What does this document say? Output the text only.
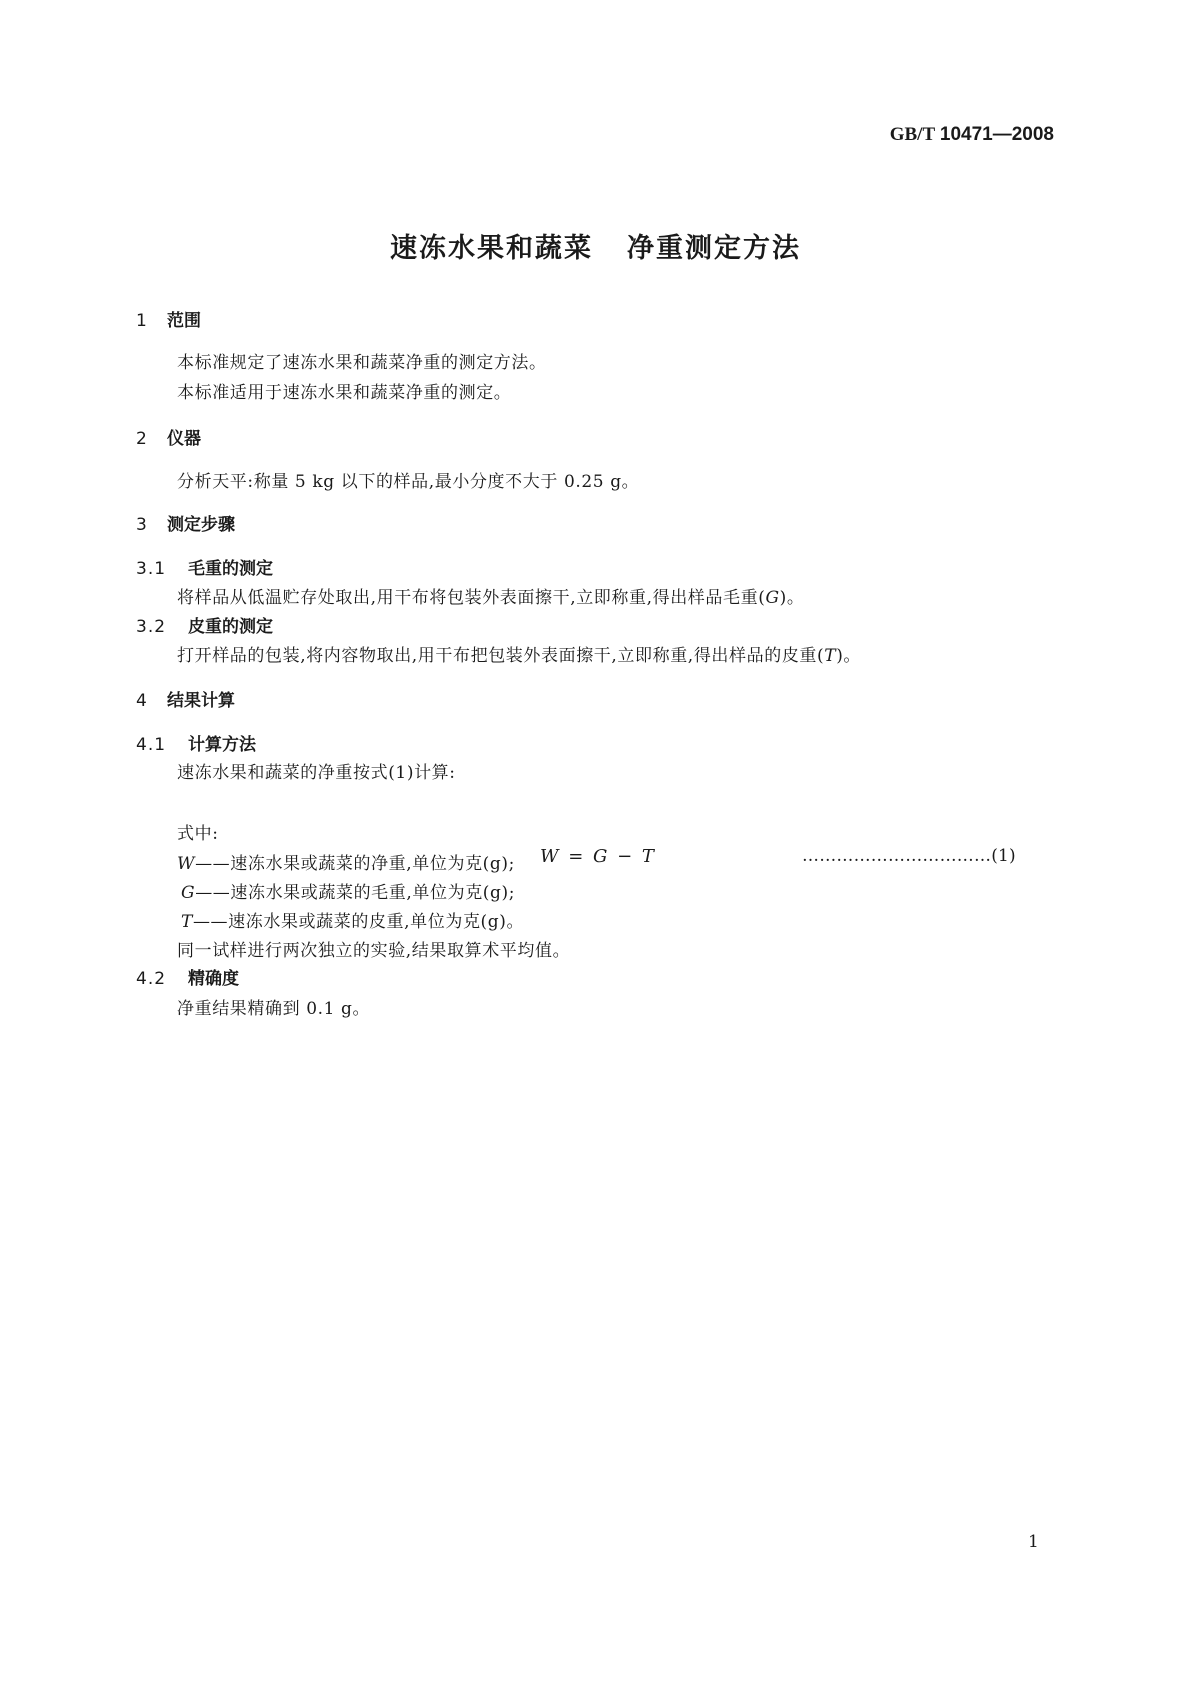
GB/T 10471—2008
速冻水果和蔬菜 净重测定方法
1 范围
本标准规定了速冻水果和蔬菜净重的测定方法。
本标准适用于速冻水果和蔬菜净重的测定。
2 仪器
分析天平:称量 5 kg 以下的样品,最小分度不大于 0.25 g。
3 测定步骤
3.1 毛重的测定
将样品从低温贮存处取出,用干布将包装外表面擦干,立即称重,得出样品毛重(G)。
3.2 皮重的测定
打开样品的包装,将内容物取出,用干布把包装外表面擦干,立即称重,得出样品的皮重(T)。
4 结果计算
4.1 计算方法
速冻水果和蔬菜的净重按式(1)计算:
W = G − T	……………………………(1)
式中:
W——速冻水果或蔬菜的净重,单位为克(g);
G——速冻水果或蔬菜的毛重,单位为克(g);
T——速冻水果或蔬菜的皮重,单位为克(g)。
同一试样进行两次独立的实验,结果取算术平均值。
4.2 精确度
净重结果精确到 0.1 g。
1
